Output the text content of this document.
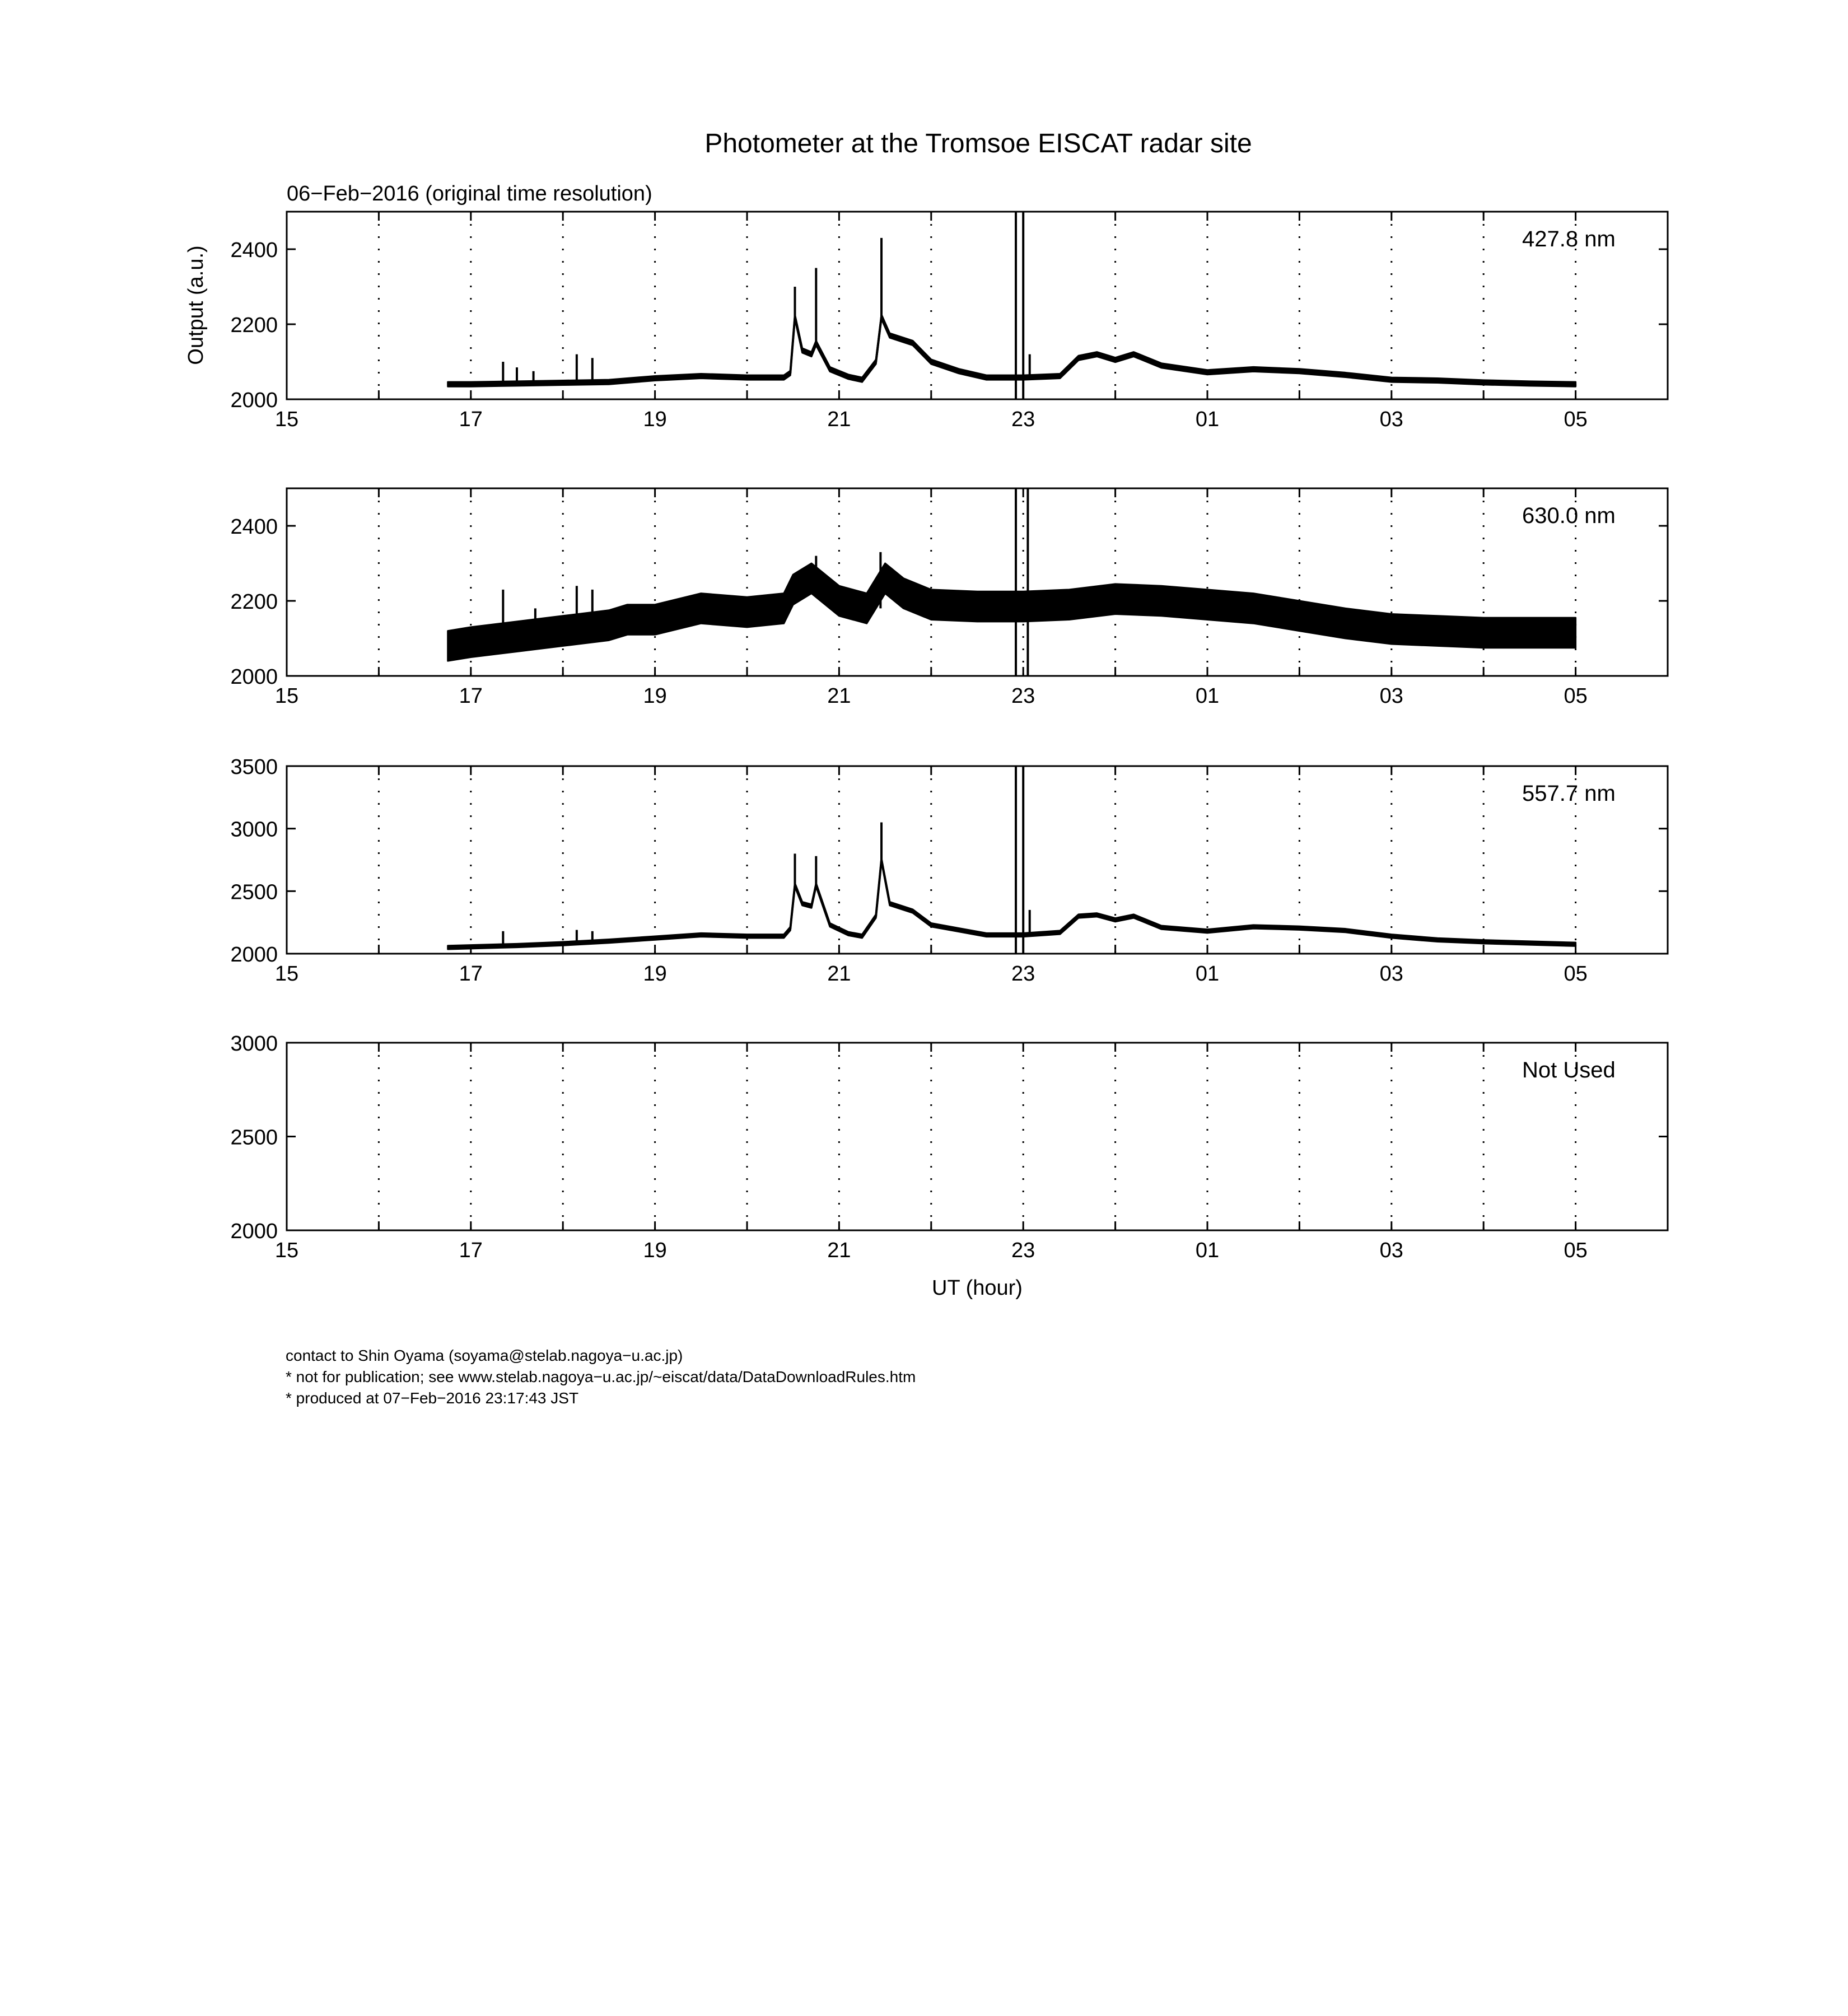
Photometer at the Tromsoe EISCAT radar site
06−Feb−2016 (original time resolution)
Output (a.u.)
UT (hour)
15	17	19	21	23	01	03	05
2000
2200
2400	427.8 nm
15	17	19	21	23	01	03	05
2000
2200
2400	630.0 nm
15	17	19	21	23	01	03	05
2000
2500
3000
3500
557.7 nm
15	17	19	21	23	01	03	05
2000
2500
3000
Not Used
contact to Shin Oyama (soyama@stelab.nagoya−u.ac.jp)
* not for publication; see www.stelab.nagoya−u.ac.jp/~eiscat/data/DataDownloadRules.htm
* produced at 07−Feb−2016 23:17:43 JST
